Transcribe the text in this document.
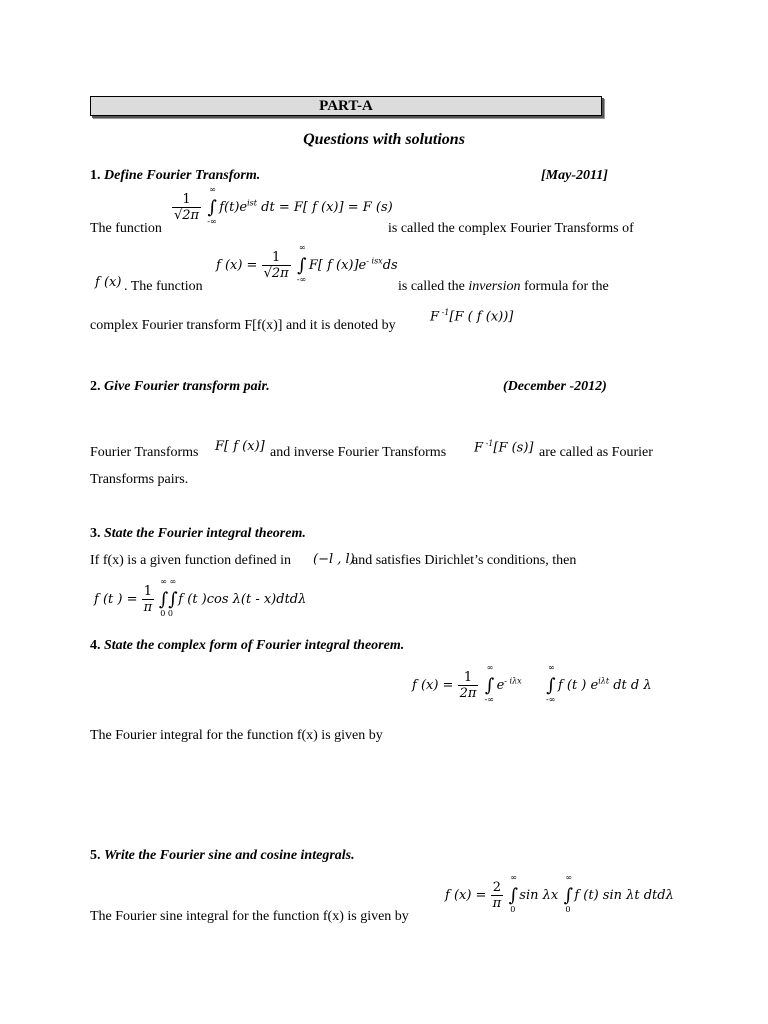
PART-A
Questions with solutions
1. Define Fourier Transform.	[May-2011]
$\frac{1}{√2\pi}$

∞
∫
-∞
$f(t)e^{ist}$ dt = F[ f (x)] = F (s)
The function	is called the complex Fourier Transforms of
f $(x) = \frac{1}{√2\pi}$

∞
∫
-∞
F[ f $(x)]e^{- isx}ds$
f (x) . The function	is called the inversion formula for the
complex Fourier transform F[f(x)] and it is denoted by
F $^{-1}$[F ( f (x))]
2. Give Fourier transform pair.	(December -2012)
Fourier Transforms F[ f (x)] and inverse Fourier Transforms F $^{-1}$[F (s)] are called as Fourier
Transforms pairs.
3. State the Fourier integral theorem.
If f(x) is a given function defined in (−l , l)
and satisfies Dirichlet’s conditions, then
f (t ) = $\frac{1}{\pi}$

∞ ∞
∫∫
0 0
f (t )cos λ(t - x)dtdλ
4. State the complex form of Fourier integral theorem.
f $(x) = \frac{1}{2\pi}$

∞
∫
-∞
$e^{- i\lambda x}$
∞
∫
-∞
f (t ) $e^{i\lambda t}$ dt d λ
The Fourier integral for the function f(x) is given by
5. Write the Fourier sine and cosine integrals.
f $(x) = \frac{2}{\pi}$

∞
∫
0
sin λx
∞
∫
0
f (t) sin λt dtdλ
The Fourier sine integral for the function f(x) is given by
